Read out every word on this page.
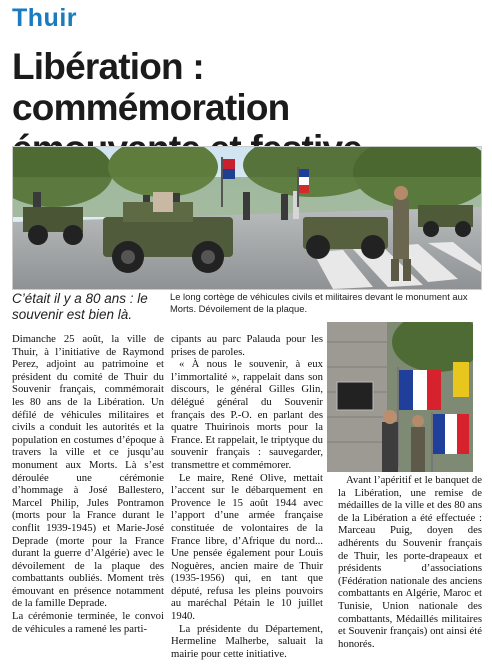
Thuir
Libération : commémoration
C’était il y a 80 ans : le souvenir est bien là.
Le long cortège de véhicules civils et militaires devant le monument aux Morts. Dévoilement de la plaque.

Dimanche 25 août, la ville de Thuir, à l’initiative de Raymond Perez, adjoint au patrimoine et président du comité de Thuir du Souvenir français, commémorait les 80 ans de la Libération. Un défilé de véhicules militaires et civils a conduit les autorités et la population en costumes d’époque à travers la ville et ce jusqu’au monument aux Morts. Là s’est déroulée une cérémonie d’hommage à José Ballestero, Marcel Philip, Jules Pontramon (morts pour la France durant le conflit 1939-1945) et Marie-José Deprade (morte pour la France durant la guerre d’Algérie) avec le dévoilement de la plaque des combattants oubliés. Moment très émouvant en présence notamment de la famille Deprade.

La cérémonie terminée, le convoi de véhicules a ramené les parti-

cipants au parc Palauda pour les prises de paroles.

« À nous le souvenir, à eux l’immortalité », rappelait dans son discours, le général Gilles Glin, délégué général du Souvenir français des P.-O. en parlant des quatre Thuirinois morts pour la France. Et rappelait, le triptyque du souvenir français : sauvegarder, transmettre et commémorer.

Le maire, René Olive, mettait l’accent sur le débarquement en Provence le 15 août 1944 avec l’apport d’une armée française constituée de volontaires de la France libre, d’Afrique du nord... Une pensée également pour Louis Noguères, ancien maire de Thuir (1935-1956) qui, en tant que député, refusa les pleins pouvoirs au maréchal Pétain le 10 juillet 1940.

La présidente du Département, Hermeline Malherbe, saluait la mairie pour cette initiative.

Avant l’apéritif et le banquet de la Libération, une remise de médailles de la ville et des 80 ans de la Libération a été effectuée : Marceau Puig, doyen des adhérents du Souvenir français de Thuir, les porte-drapeaux et présidents d’associations (Fédération nationale des anciens combattants en Algérie, Maroc et Tunisie, Union nationale des combattants, Médaillés militaires et Souvenir français) ont ainsi été honorés.
